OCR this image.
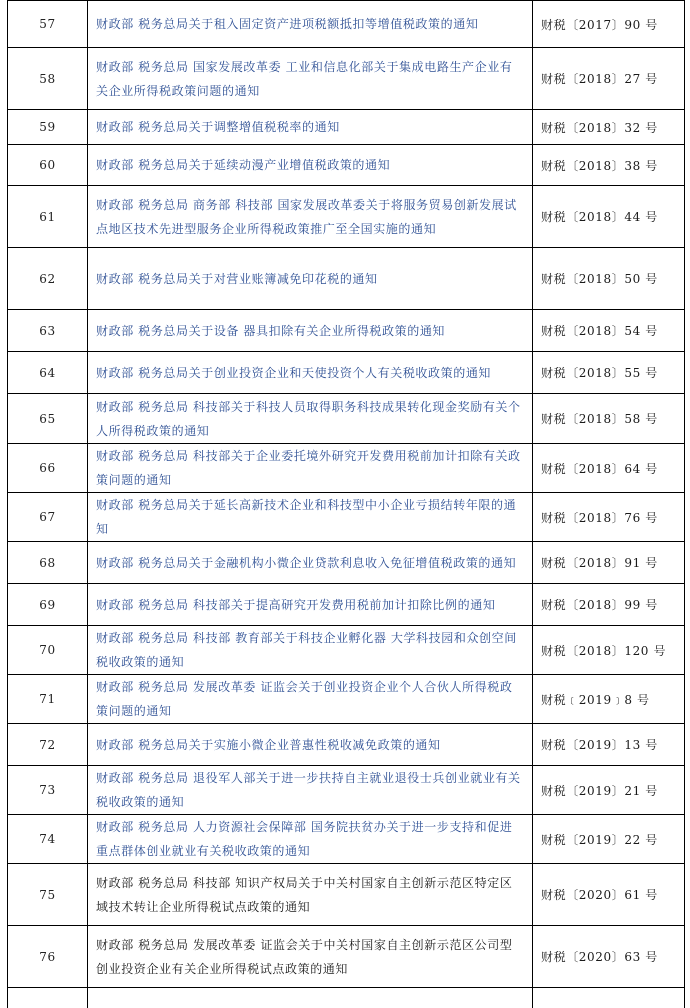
57	财政部 税务总局关于租入固定资产进项税额抵扣等增值税政策的通知	财税〔2017〕90 号
58	财政部 税务总局 国家发展改革委 工业和信息化部关于集成电路生产企业有关企业所得税政策问题的通知	财税〔2018〕27 号
59	财政部 税务总局关于调整增值税税率的通知	财税〔2018〕32 号
60	财政部 税务总局关于延续动漫产业增值税政策的通知	财税〔2018〕38 号
61	财政部 税务总局 商务部 科技部 国家发展改革委关于将服务贸易创新发展试点地区技术先进型服务企业所得税政策推广至全国实施的通知	财税〔2018〕44 号
62	财政部 税务总局关于对营业账簿减免印花税的通知	财税〔2018〕50 号
63	财政部 税务总局关于设备 器具扣除有关企业所得税政策的通知	财税〔2018〕54 号
64	财政部 税务总局关于创业投资企业和天使投资个人有关税收政策的通知	财税〔2018〕55 号
65	财政部 税务总局 科技部关于科技人员取得职务科技成果转化现金奖励有关个人所得税政策的通知	财税〔2018〕58 号
66	财政部 税务总局 科技部关于企业委托境外研究开发费用税前加计扣除有关政策问题的通知	财税〔2018〕64 号
67	财政部 税务总局关于延长高新技术企业和科技型中小企业亏损结转年限的通知	财税〔2018〕76 号
68	财政部 税务总局关于金融机构小微企业贷款利息收入免征增值税政策的通知	财税〔2018〕91 号
69	财政部 税务总局 科技部关于提高研究开发费用税前加计扣除比例的通知	财税〔2018〕99 号
70	财政部 税务总局 科技部 教育部关于科技企业孵化器 大学科技园和众创空间税收政策的通知	财税〔2018〕120 号
71	财政部 税务总局 发展改革委 证监会关于创业投资企业个人合伙人所得税政策问题的通知	财税﹝2019﹞8 号
72	财政部 税务总局关于实施小微企业普惠性税收减免政策的通知	财税〔2019〕13 号
73	财政部 税务总局 退役军人部关于进一步扶持自主就业退役士兵创业就业有关税收政策的通知	财税〔2019〕21 号
74	财政部 税务总局 人力资源社会保障部 国务院扶贫办关于进一步支持和促进重点群体创业就业有关税收政策的通知	财税〔2019〕22 号
75	财政部 税务总局 科技部 知识产权局关于中关村国家自主创新示范区特定区域技术转让企业所得税试点政策的通知	财税〔2020〕61 号
76	财政部 税务总局 发展改革委 证监会关于中关村国家自主创新示范区公司型创业投资企业有关企业所得税试点政策的通知	财税〔2020〕63 号
